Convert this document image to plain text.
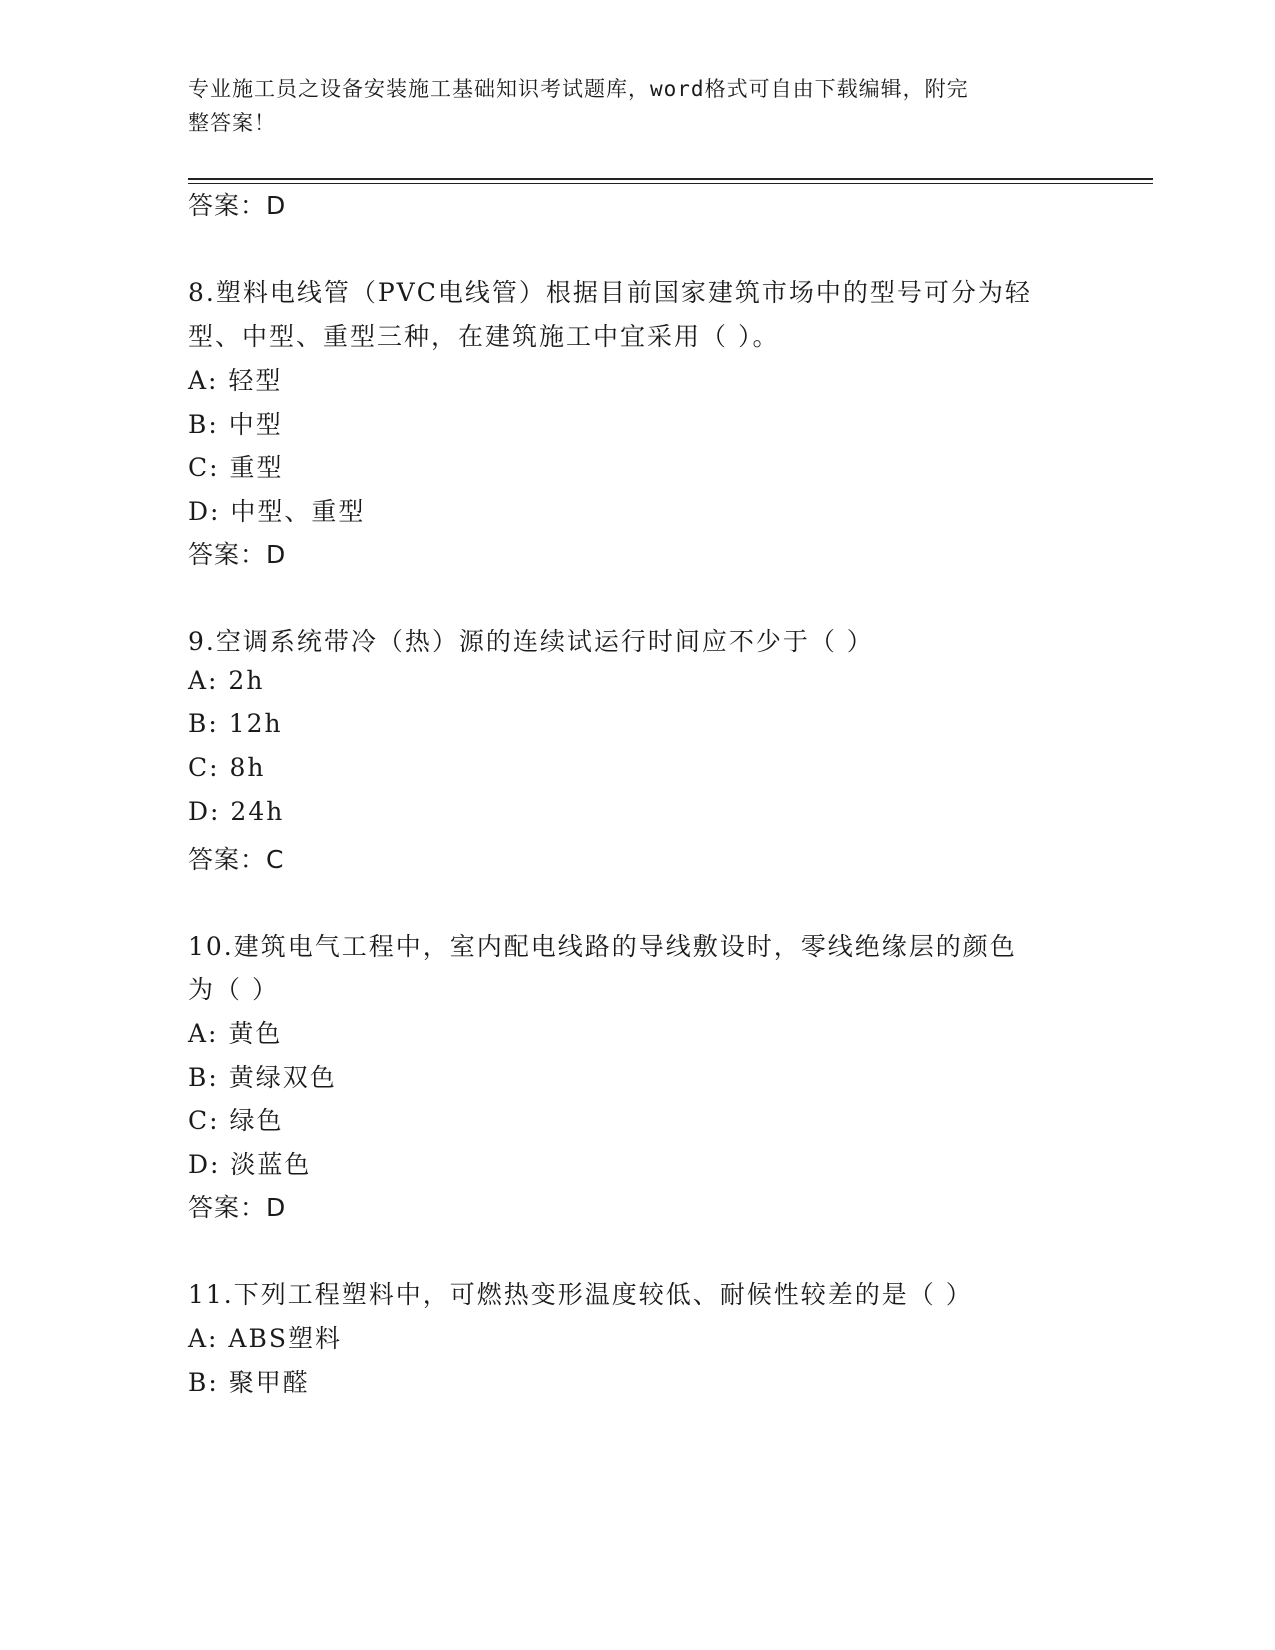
专业施工员之设备安装施工基础知识考试题库，word格式可自由下载编辑，附完
整答案！
答案：D
8.塑料电线管（PVC电线管）根据目前国家建筑市场中的型号可分为轻
型、中型、重型三种，在建筑施工中宜采用（ ）。
A: 轻型
B: 中型
C: 重型
D: 中型、重型
答案：D
9.空调系统带冷（热）源的连续试运行时间应不少于（ ）
A: 2h
B: 12h
C: 8h
D: 24h
答案：C
10.建筑电气工程中，室内配电线路的导线敷设时，零线绝缘层的颜色
为（ ）
A: 黄色
B: 黄绿双色
C: 绿色
D: 淡蓝色
答案：D
11.下列工程塑料中，可燃热变形温度较低、耐候性较差的是（ ）
A: ABS塑料
B: 聚甲醛
